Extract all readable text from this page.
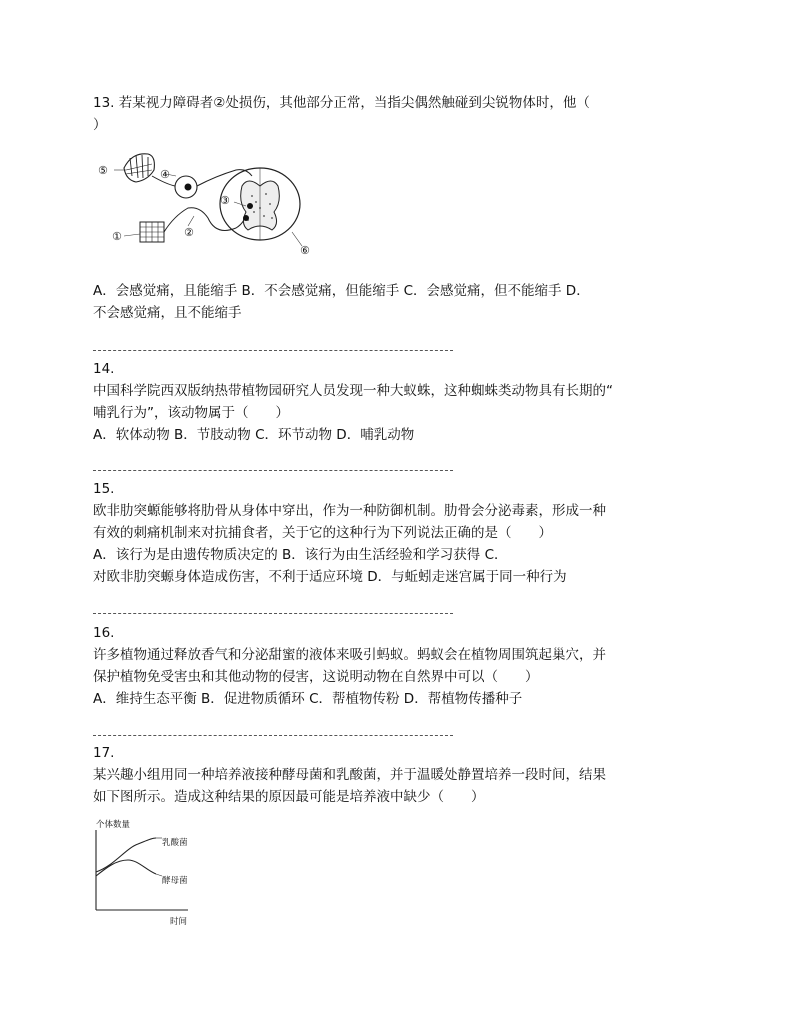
13. 若某视力障碍者②处损伤，其他部分正常，当指尖偶然触碰到尖锐物体时，他（

）

⑤	④
③
①	②
⑥

A．会感觉痛，且能缩手 B．不会感觉痛，但能缩手 C．会感觉痛，但不能缩手 D．

不会感觉痛，且不能缩手

14.

中国科学院西双版纳热带植物园研究人员发现一种大蚁蛛，这种蜘蛛类动物具有长期的“

哺乳行为”，该动物属于（　　）

A．软体动物 B．节肢动物 C．环节动物 D．哺乳动物

15.

欧非肋突螈能够将肋骨从身体中穿出，作为一种防御机制。肋骨会分泌毒素，形成一种

有效的刺痛机制来对抗捕食者，关于它的这种行为下列说法正确的是（　　）

A．该行为是由遗传物质决定的 B．该行为由生活经验和学习获得 C．

对欧非肋突螈身体造成伤害，不利于适应环境 D．与蚯蚓走迷宫属于同一种行为

16.

许多植物通过释放香气和分泌甜蜜的液体来吸引蚂蚁。蚂蚁会在植物周围筑起巢穴，并

保护植物免受害虫和其他动物的侵害，这说明动物在自然界中可以（　　）

A．维持生态平衡 B．促进物质循环 C．帮植物传粉 D．帮植物传播种子

17.

某兴趣小组用同一种培养液接种酵母菌和乳酸菌，并于温暖处静置培养一段时间，结果

如下图所示。造成这种结果的原因最可能是培养液中缺少（　　）

个体数量
时间
乳酸菌
酵母菌
